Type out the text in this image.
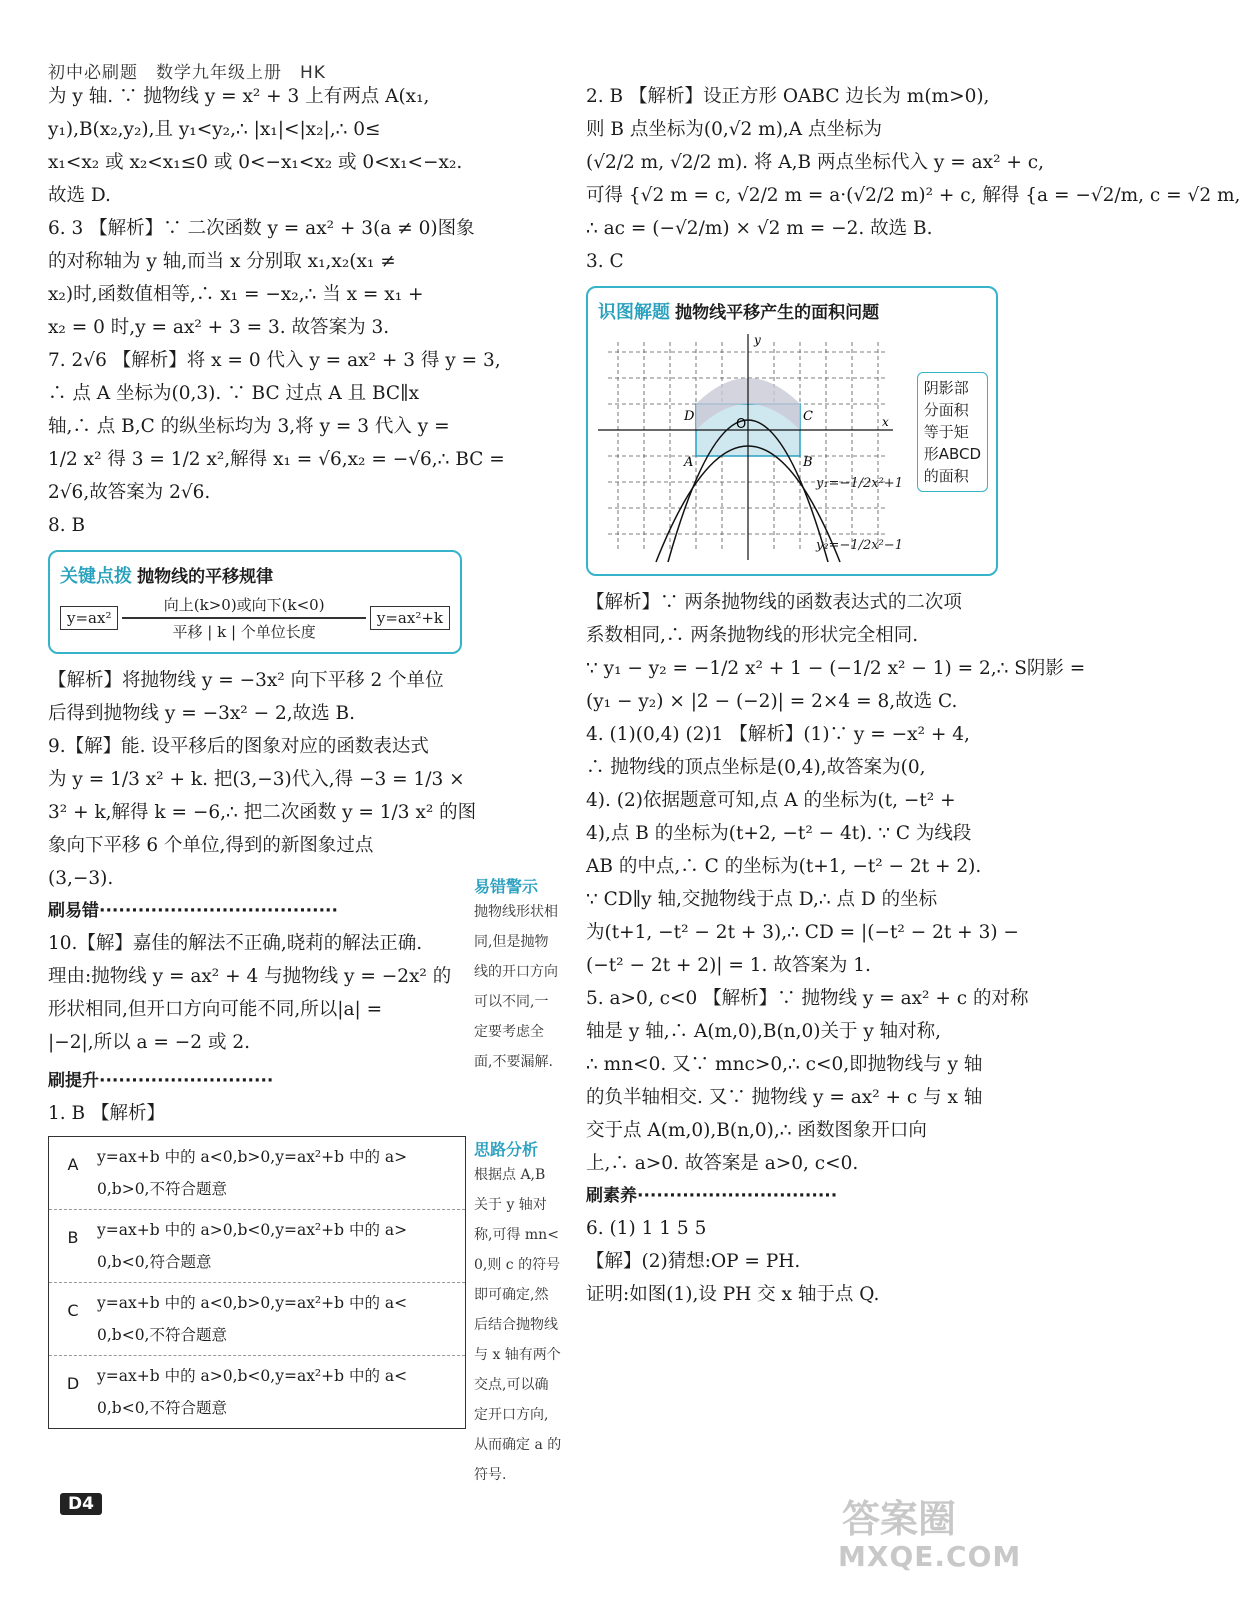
初中必刷题　数学九年级上册　HK
为 y 轴. ∵ 抛物线 y = x² + 3 上有两点 A(x₁,
y₁),B(x₂,y₂),且 y₁<y₂,∴ |x₁|<|x₂|,∴ 0≤
x₁<x₂ 或 x₂<x₁≤0 或 0<−x₁<x₂ 或 0<x₁<−x₂.
故选 D.
6. 3 【解析】∵ 二次函数 y = ax² + 3(a ≠ 0)图象
的对称轴为 y 轴,而当 x 分别取 x₁,x₂(x₁ ≠
x₂)时,函数值相等,∴ x₁ = −x₂,∴ 当 x = x₁ +
x₂ = 0 时,y = ax² + 3 = 3. 故答案为 3.
7. 2√6 【解析】将 x = 0 代入 y = ax² + 3 得 y = 3,
∴ 点 A 坐标为(0,3). ∵ BC 过点 A 且 BC∥x
轴,∴ 点 B,C 的纵坐标均为 3,将 y = 3 代入 y =
1/2 x² 得 3 = 1/2 x²,解得 x₁ = √6,x₂ = −√6,∴ BC =
2√6,故答案为 2√6.
8. B
关键点拨 抛物线的平移规律
y=ax²
向上(k>0)或向下(k<0)
平移 | k | 个单位长度
y=ax²+k
【解析】将抛物线 y = −3x² 向下平移 2 个单位
后得到抛物线 y = −3x² − 2,故选 B.
9.【解】能. 设平移后的图象对应的函数表达式
为 y = 1/3 x² + k. 把(3,−3)代入,得 −3 = 1/3 ×
3² + k,解得 k = −6,∴ 把二次函数 y = 1/3 x² 的图
象向下平移 6 个单位,得到的新图象过点
(3,−3).
刷易错·····································
10.【解】嘉佳的解法不正确,晓莉的解法正确.
理由:抛物线 y = ax² + 4 与抛物线 y = −2x² 的
形状相同,但开口方向可能不同,所以|a| =
|−2|,所以 a = −2 或 2.
刷提升···························
1. B 【解析】
A	y=ax+b 中的 a<0,b>0,y=ax²+b 中的 a>
0,b>0,不符合题意
B	y=ax+b 中的 a>0,b<0,y=ax²+b 中的 a>
0,b<0,符合题意
C	y=ax+b 中的 a<0,b>0,y=ax²+b 中的 a<
0,b<0,不符合题意
D	y=ax+b 中的 a>0,b<0,y=ax²+b 中的 a<
0,b<0,不符合题意
易错警示
抛物线形状相
同,但是抛物
线的开口方向
可以不同,一
定要考虑全
面,不要漏解.
思路分析
根据点 A,B
关于 y 轴对
称,可得 mn<
0,则 c 的符号
即可确定,然
后结合抛物线
与 x 轴有两个
交点,可以确
定开口方向,
从而确定 a 的
符号.
2. B 【解析】设正方形 OABC 边长为 m(m>0),
则 B 点坐标为(0,√2 m),A 点坐标为
(√2/2 m, √2/2 m). 将 A,B 两点坐标代入 y = ax² + c,
可得 {√2 m = c, √2/2 m = a·(√2/2 m)² + c, 解得 {a = −√2/m, c = √2 m,
∴ ac = (−√2/m) × √2 m = −2. 故选 B.
3. C
识图解题 抛物线平移产生的面积问题
y
x
O
D	C
A	B
y₁=−1/2x²+1
y₂=−1/2x²−1
阴影部
分面积
等于矩
形ABCD
的面积
【解析】∵ 两条抛物线的函数表达式的二次项
系数相同,∴ 两条抛物线的形状完全相同.
∵ y₁ − y₂ = −1/2 x² + 1 − (−1/2 x² − 1) = 2,∴ S阴影 =
(y₁ − y₂) × |2 − (−2)| = 2×4 = 8,故选 C.
4. (1)(0,4) (2)1 【解析】(1)∵ y = −x² + 4,
∴ 抛物线的顶点坐标是(0,4),故答案为(0,
4). (2)依据题意可知,点 A 的坐标为(t, −t² +
4),点 B 的坐标为(t+2, −t² − 4t). ∵ C 为线段
AB 的中点,∴ C 的坐标为(t+1, −t² − 2t + 2).
∵ CD∥y 轴,交抛物线于点 D,∴ 点 D 的坐标
为(t+1, −t² − 2t + 3),∴ CD = |(−t² − 2t + 3) −
(−t² − 2t + 2)| = 1. 故答案为 1.
5. a>0, c<0 【解析】∵ 抛物线 y = ax² + c 的对称
轴是 y 轴,∴ A(m,0),B(n,0)关于 y 轴对称,
∴ mn<0. 又∵ mnc>0,∴ c<0,即抛物线与 y 轴
的负半轴相交. 又∵ 抛物线 y = ax² + c 与 x 轴
交于点 A(m,0),B(n,0),∴ 函数图象开口向
上,∴ a>0. 故答案是 a>0, c<0.
刷素养·······························
6. (1) 1 1 5 5
【解】(2)猜想:OP = PH.
证明:如图(1),设 PH 交 x 轴于点 Q.
D4	答案圈
MXQE.COM
